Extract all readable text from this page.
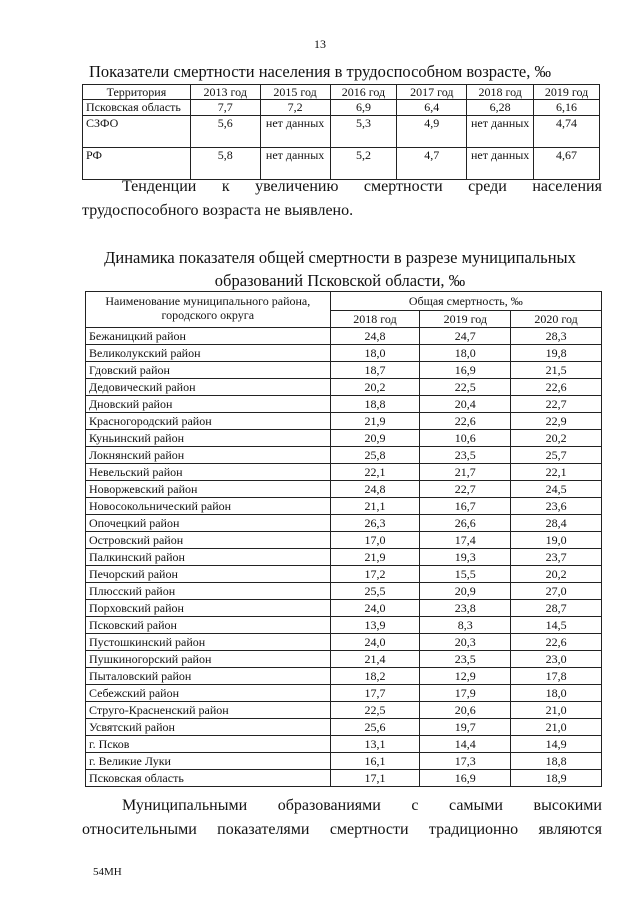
13
Показатели смертности населения в трудоспособном возрасте, ‰
Территория	2013 год	2015 год	2016 год	2017 год	2018 год	2019 год
Псковская область	7,7	7,2	6,9	6,4	6,28	6,16
СЗФО	5,6	нет данных	5,3	4,9	нет данных	4,74
РФ	5,8	нет данных	5,2	4,7	нет данных	4,67
Тенденции к увеличению смертности среди населения
трудоспособного возраста не выявлено.
Динамика показателя общей смертности в разрезе муниципальных
образований Псковской области, ‰
Наименование муниципального района, городского округа	Общая смертность, ‰		
	2018 год	2019 год	2020 год
Бежаницкий район	24,8	24,7	28,3
Великолукский район	18,0	18,0	19,8
Гдовский район	18,7	16,9	21,5
Дедовический район	20,2	22,5	22,6
Дновский район	18,8	20,4	22,7
Красногородский район	21,9	22,6	22,9
Куньинский район	20,9	10,6	20,2
Локнянский район	25,8	23,5	25,7
Невельский район	22,1	21,7	22,1
Новоржевский район	24,8	22,7	24,5
Новосокольнический район	21,1	16,7	23,6
Опочецкий район	26,3	26,6	28,4
Островский район	17,0	17,4	19,0
Палкинский район	21,9	19,3	23,7
Печорский район	17,2	15,5	20,2
Плюсский район	25,5	20,9	27,0
Порховский район	24,0	23,8	28,7
Псковский район	13,9	8,3	14,5
Пустошкинский район	24,0	20,3	22,6
Пушкиногорский район	21,4	23,5	23,0
Пыталовский район	18,2	12,9	17,8
Себежский район	17,7	17,9	18,0
Струго-Красненский район	22,5	20,6	21,0
Усвятский район	25,6	19,7	21,0
г. Псков	13,1	14,4	14,9
г. Великие Луки	16,1	17,3	18,8
Псковская область	17,1	16,9	18,9
Муниципальными образованиями с самыми высокими
относительными показателями смертности традиционно являются
54МН
